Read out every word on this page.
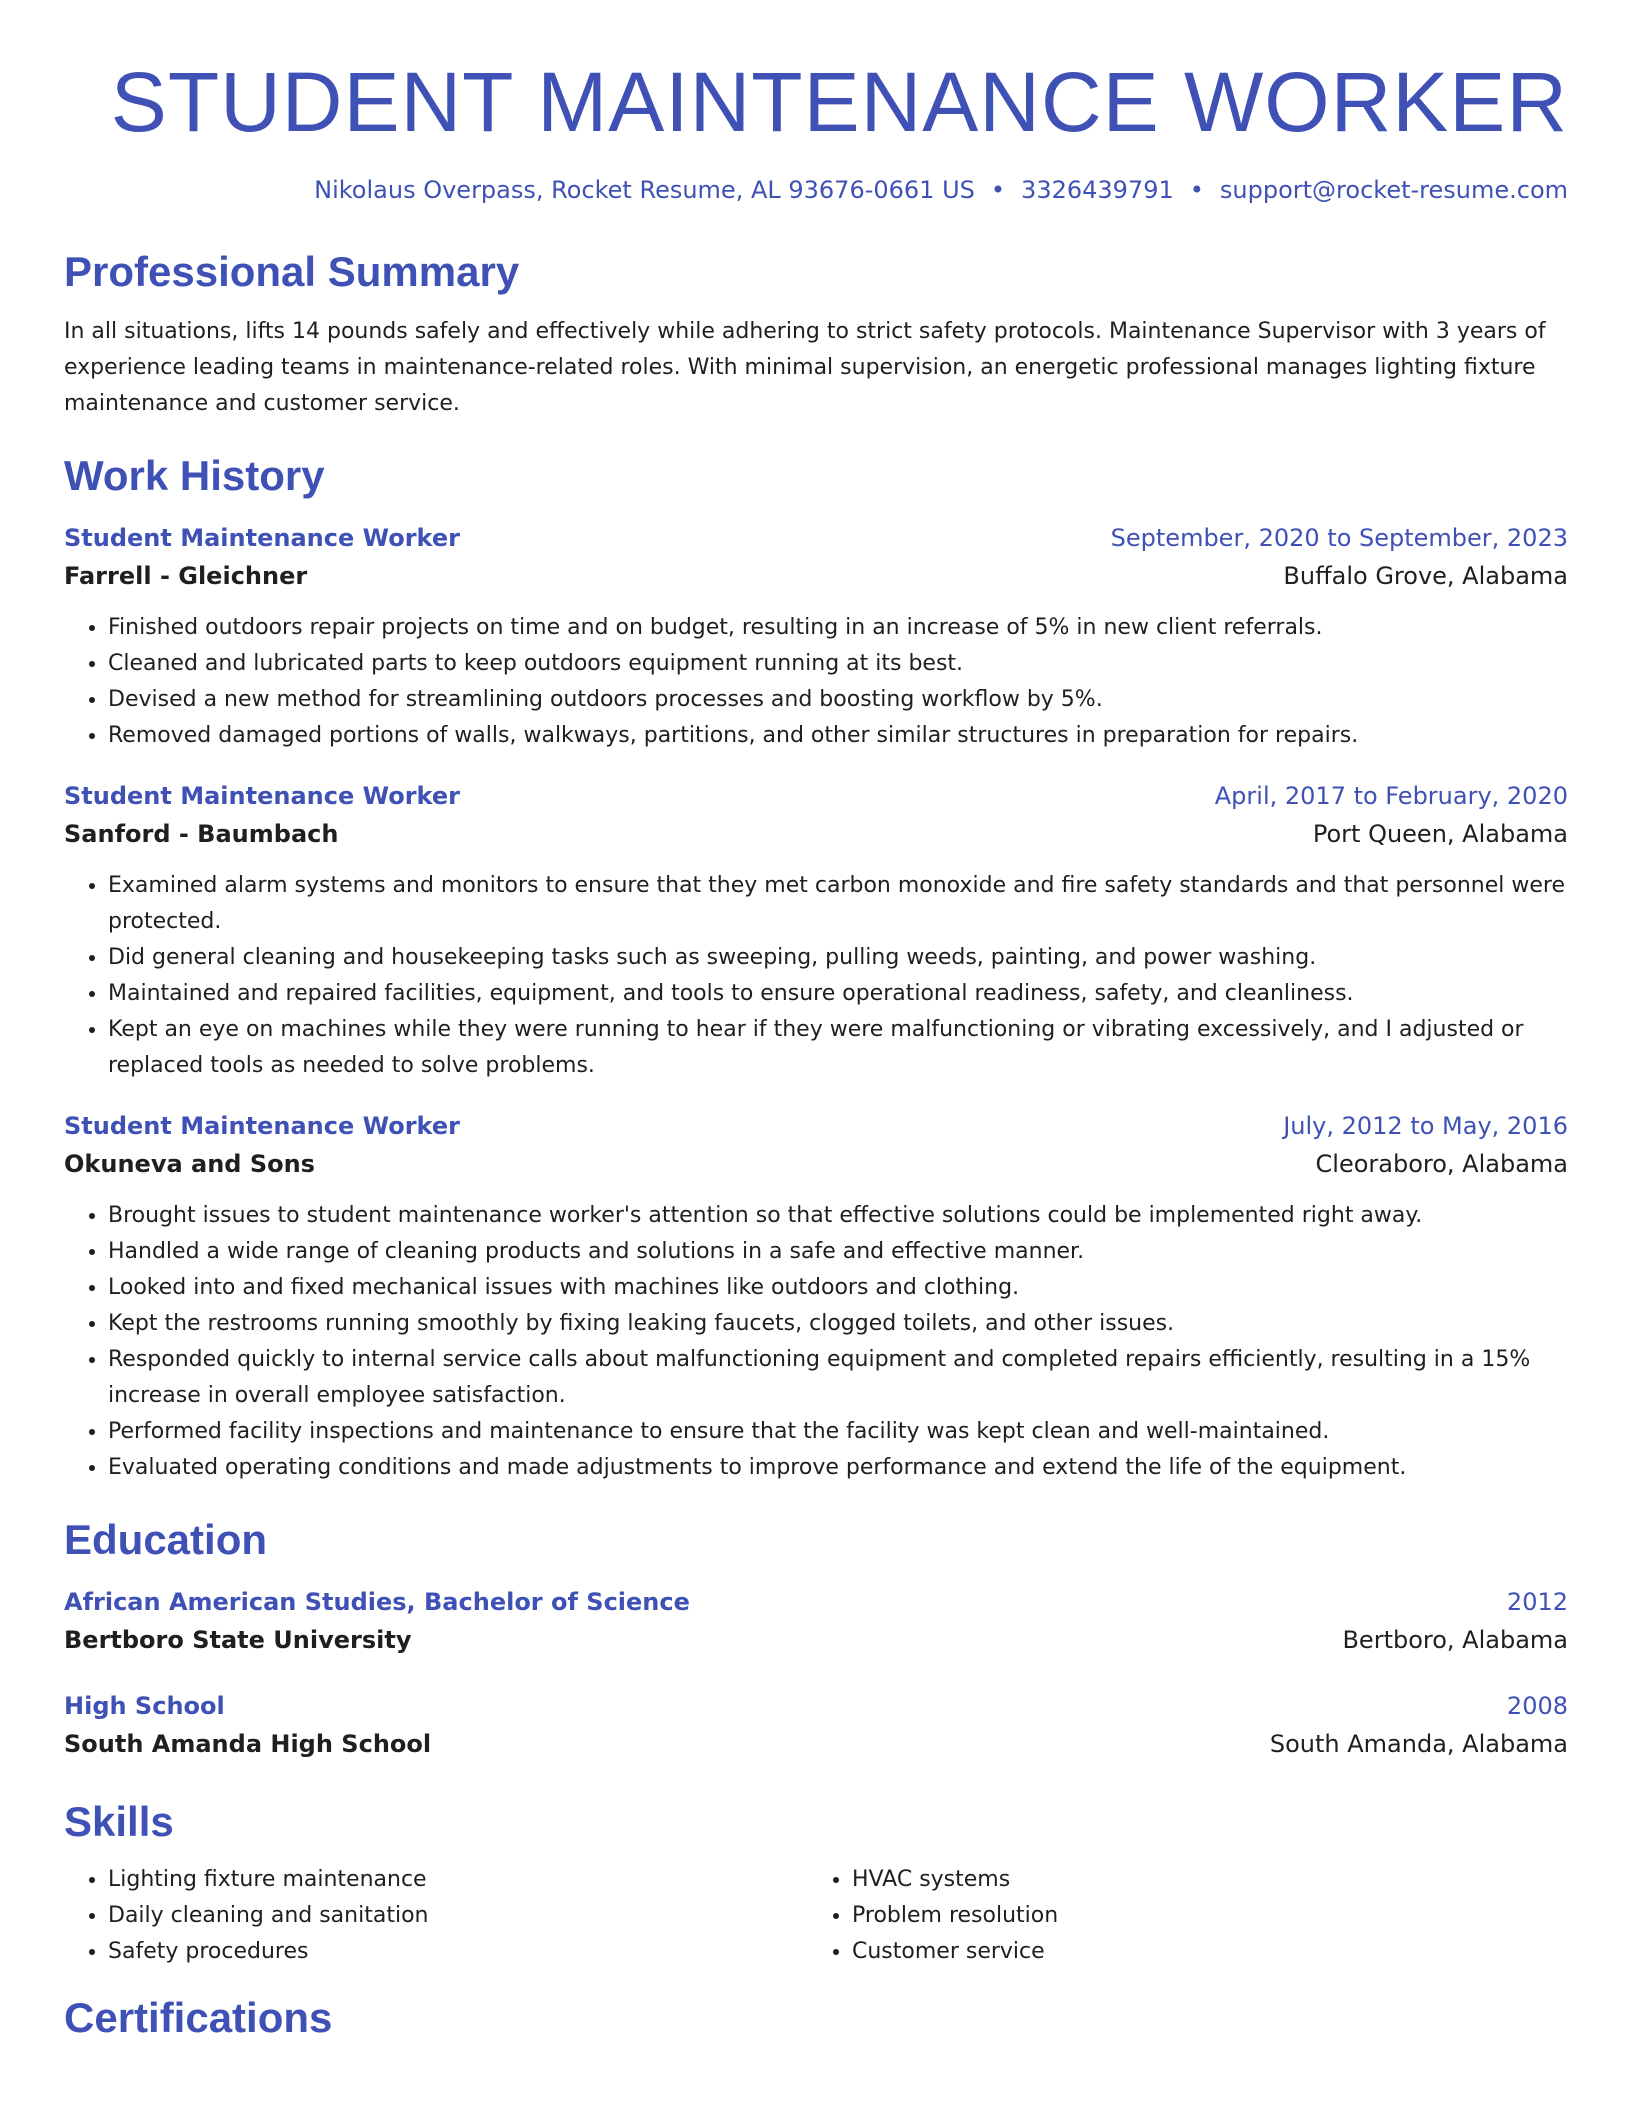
STUDENT MAINTENANCE WORKER
Nikolaus Overpass, Rocket Resume, AL 93676-0661 US • 3326439791 • support@rocket-resume.com
Professional Summary
In all situations, lifts 14 pounds safely and effectively while adhering to strict safety protocols. Maintenance Supervisor with 3 years of experience leading teams in maintenance-related roles. With minimal supervision, an energetic professional manages lighting fixture maintenance and customer service.
Work History
Student Maintenance Worker	September, 2020 to September, 2023
Farrell - Gleichner	Buffalo Grove, Alabama
• Finished outdoors repair projects on time and on budget, resulting in an increase of 5% in new client referrals.
• Cleaned and lubricated parts to keep outdoors equipment running at its best.
• Devised a new method for streamlining outdoors processes and boosting workflow by 5%.
• Removed damaged portions of walls, walkways, partitions, and other similar structures in preparation for repairs.
Student Maintenance Worker	April, 2017 to February, 2020
Sanford - Baumbach	Port Queen, Alabama
• Examined alarm systems and monitors to ensure that they met carbon monoxide and fire safety standards and that personnel were protected.
• Did general cleaning and housekeeping tasks such as sweeping, pulling weeds, painting, and power washing.
• Maintained and repaired facilities, equipment, and tools to ensure operational readiness, safety, and cleanliness.
• Kept an eye on machines while they were running to hear if they were malfunctioning or vibrating excessively, and I adjusted or replaced tools as needed to solve problems.
Student Maintenance Worker	July, 2012 to May, 2016
Okuneva and Sons	Cleoraboro, Alabama
• Brought issues to student maintenance worker's attention so that effective solutions could be implemented right away.
• Handled a wide range of cleaning products and solutions in a safe and effective manner.
• Looked into and fixed mechanical issues with machines like outdoors and clothing.
• Kept the restrooms running smoothly by fixing leaking faucets, clogged toilets, and other issues.
• Responded quickly to internal service calls about malfunctioning equipment and completed repairs efficiently, resulting in a 15% increase in overall employee satisfaction.
• Performed facility inspections and maintenance to ensure that the facility was kept clean and well-maintained.
• Evaluated operating conditions and made adjustments to improve performance and extend the life of the equipment.
Education
African American Studies, Bachelor of Science	2012
Bertboro State University	Bertboro, Alabama
High School	2008
South Amanda High School	South Amanda, Alabama
Skills
• Lighting fixture maintenance
• Daily cleaning and sanitation
• Safety procedures
• HVAC systems
• Problem resolution
• Customer service
Certifications
